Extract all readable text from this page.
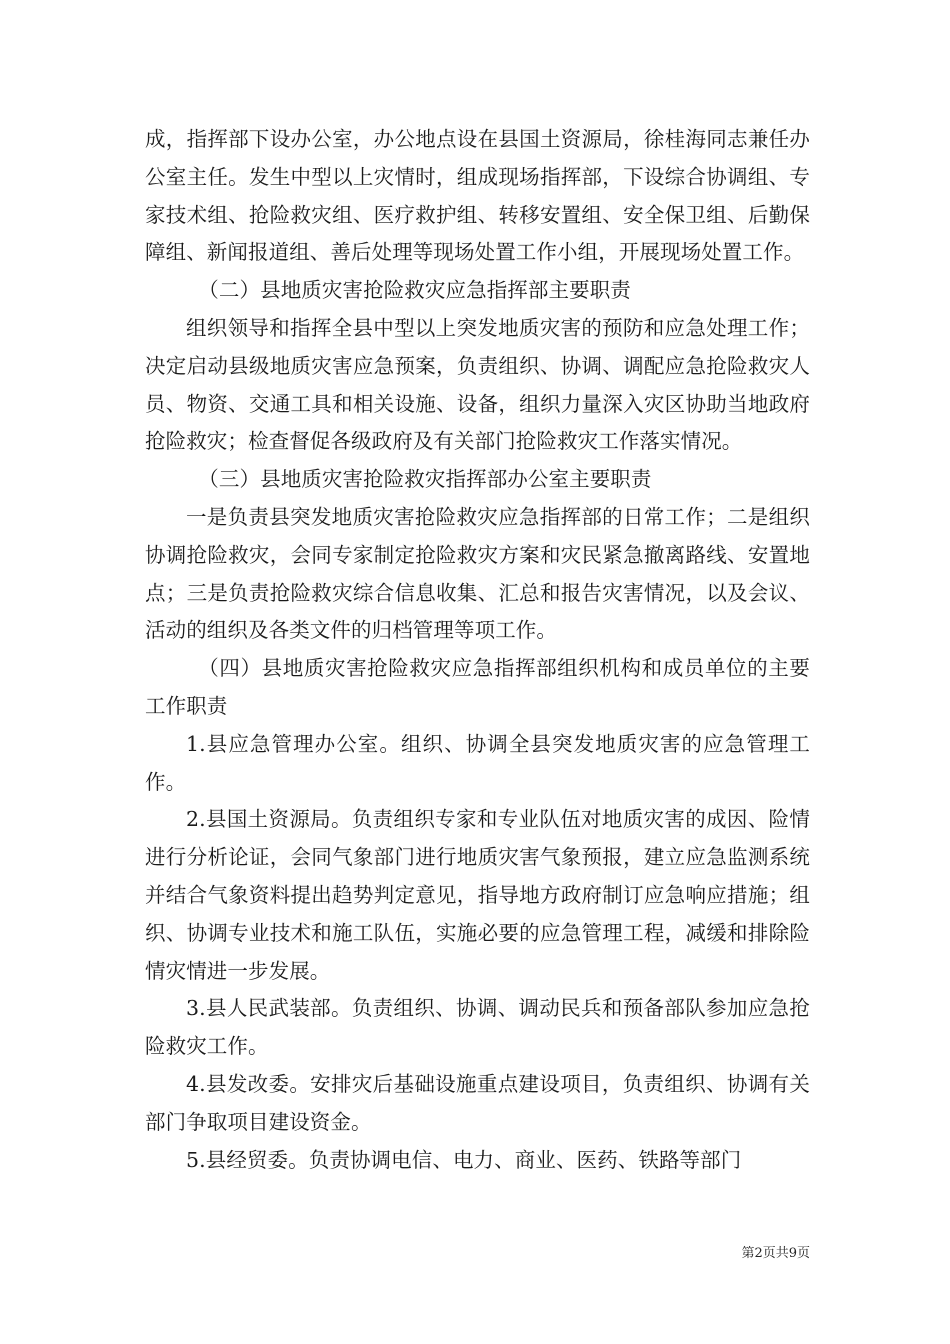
成，指挥部下设办公室，办公地点设在县国土资源局，徐桂海同志兼任办公室主任。发生中型以上灾情时，组成现场指挥部，下设综合协调组、专家技术组、抢险救灾组、医疗救护组、转移安置组、安全保卫组、后勤保障组、新闻报道组、善后处理等现场处置工作小组，开展现场处置工作。

（二）县地质灾害抢险救灾应急指挥部主要职责

组织领导和指挥全县中型以上突发地质灾害的预防和应急处理工作；决定启动县级地质灾害应急预案，负责组织、协调、调配应急抢险救灾人员、物资、交通工具和相关设施、设备，组织力量深入灾区协助当地政府抢险救灾；检查督促各级政府及有关部门抢险救灾工作落实情况。

（三）县地质灾害抢险救灾指挥部办公室主要职责

一是负责县突发地质灾害抢险救灾应急指挥部的日常工作；二是组织协调抢险救灾，会同专家制定抢险救灾方案和灾民紧急撤离路线、安置地点；三是负责抢险救灾综合信息收集、汇总和报告灾害情况，以及会议、活动的组织及各类文件的归档管理等项工作。

（四）县地质灾害抢险救灾应急指挥部组织机构和成员单位的主要工作职责

1.县应急管理办公室。组织、协调全县突发地质灾害的应急管理工作。

2.县国土资源局。负责组织专家和专业队伍对地质灾害的成因、险情进行分析论证，会同气象部门进行地质灾害气象预报，建立应急监测系统并结合气象资料提出趋势判定意见，指导地方政府制订应急响应措施；组织、协调专业技术和施工队伍，实施必要的应急管理工程，减缓和排除险情灾情进一步发展。

3.县人民武装部。负责组织、协调、调动民兵和预备部队参加应急抢险救灾工作。

4.县发改委。安排灾后基础设施重点建设项目，负责组织、协调有关部门争取项目建设资金。

5.县经贸委。负责协调电信、电力、商业、医药、铁路等部门

第2页共9页
